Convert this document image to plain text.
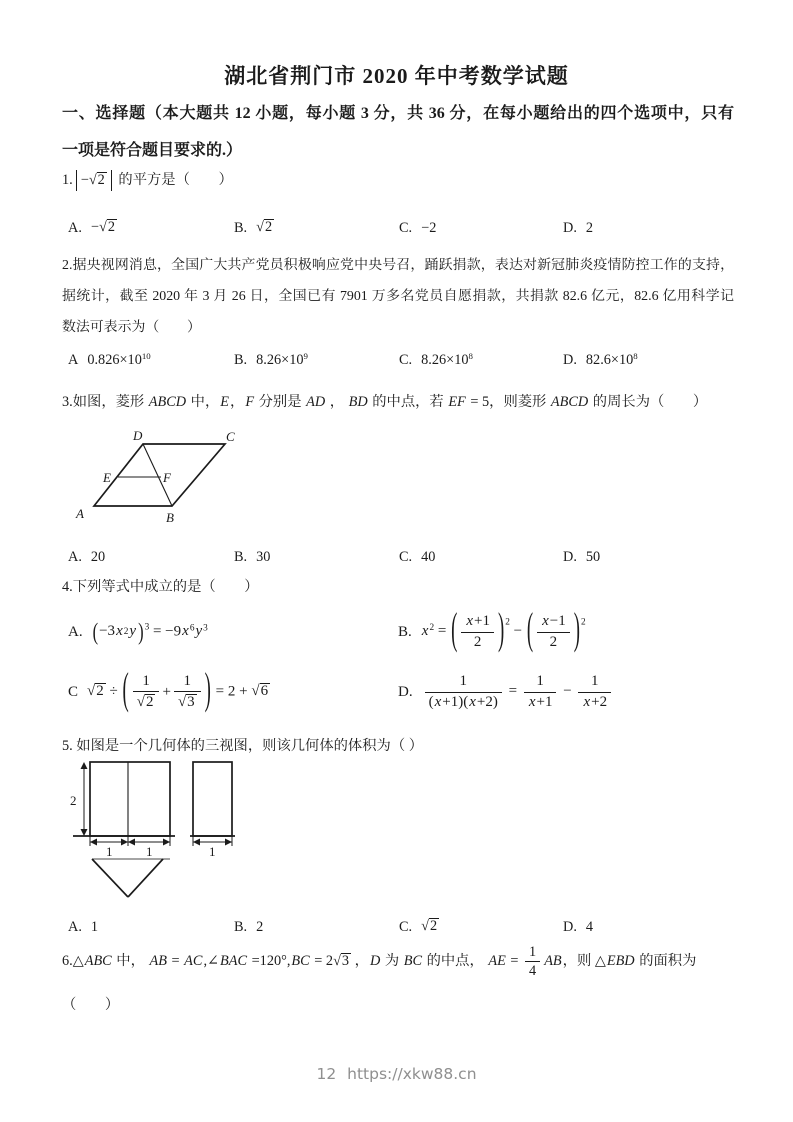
湖北省荆门市 2020 年中考数学试题
一、选择题（本大题共 12 小题，每小题 3 分，共 36 分，在每小题给出的四个选项中，只有
一项是符合题目要求的.）
1. −√2 的平方是（　　）
A. −√2	B. √2	C. −2	D. 2
2.据央视网消息，全国广大共产党员积极响应党中央号召，踊跃捐款，表达对新冠肺炎疫情防控工作的支持，
据统计，截至 2020 年 3 月 26 日，全国已有 7901 万多名党员自愿捐款，共捐款 82.6 亿元，82.6 亿用科学记
数法可表示为（　　）
A $0.826\times 10^{10}$	B. $8.26\times 10^9$	C. $8.26\times 10^8$	D. $82.6\times 10^8$
3.如图，菱形 ABCD 中，E，F 分别是 AD ， BD 的中点，若 EF = 5，则菱形 ABCD 的周长为（　　）
A	B
C
D
E	F
A. 20	B. 30	C. 40	D. 50
4.下列等式中成立的是（　　）
A. ( −3 x 2 y )$^3 = -9x^6y^3$	B. $x^2$ = ( $\frac{x+1}{2}$ ) $^2$ − ( $\frac{x-1}{2}$ ) $^2$
C √2 ÷ ( $\frac{1}{√2} + \frac{1}{√3}$ ) = 2 + √6	D. $\frac{1}{(x+1)(x+2)} = \frac{1}{x+1} - \frac{1}{x+2}$
5. 如图是一个几何体的三视图，则该几何体的体积为（ ）
2
1	1	1
A. 1	B. 2	C. √2	D. 4
6.△ABC 中， AB = AC,∠BAC =120°,BC = 2√3 ，D 为 BC 的中点， AE = $\frac{1}{4}$ AB，则 △EBD 的面积为
（　　）
12 https://xkw88.cn
